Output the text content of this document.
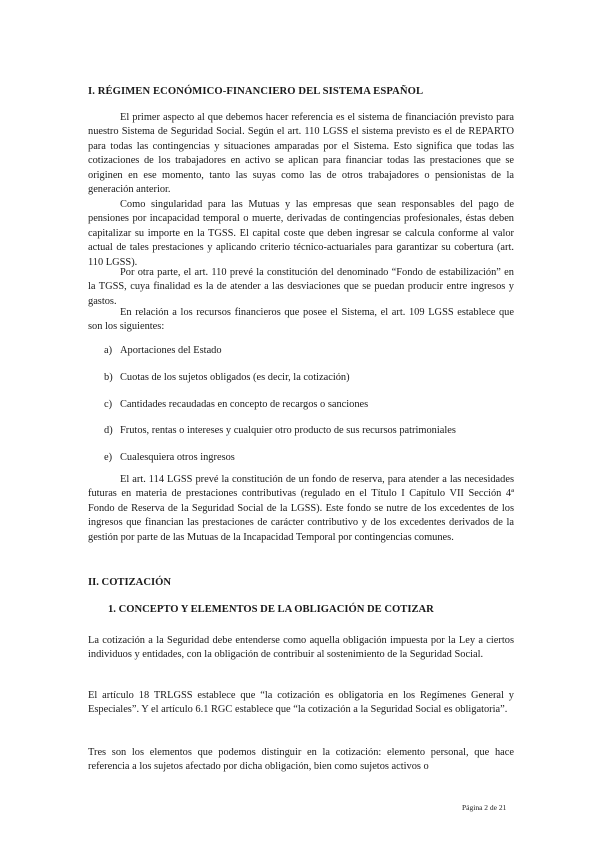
I. RÉGIMEN ECONÓMICO-FINANCIERO DEL SISTEMA ESPAÑOL

El primer aspecto al que debemos hacer referencia es el sistema de financiación previsto para nuestro Sistema de Seguridad Social. Según el art. 110 LGSS el sistema previsto es el de REPARTO para todas las contingencias y situaciones amparadas por el Sistema. Esto significa que todas las cotizaciones de los trabajadores en activo se aplican para financiar todas las prestaciones que se originen en ese momento, tanto las suyas como las de otros trabajadores o pensionistas de la generación anterior.

Como singularidad para las Mutuas y las empresas que sean responsables del pago de pensiones por incapacidad temporal o muerte, derivadas de contingencias profesionales, éstas deben capitalizar su importe en la TGSS. El capital coste que deben ingresar se calcula conforme al valor actual de tales prestaciones y aplicando criterio técnico-actuariales para garantizar su cobertura (art. 110 LGSS).

Por otra parte, el art. 110 prevé la constitución del denominado “Fondo de estabilización” en la TGSS, cuya finalidad es la de atender a las desviaciones que se puedan producir entre ingresos y gastos.

En relación a los recursos financieros que posee el Sistema, el art. 109 LGSS establece que son los siguientes:

a) Aportaciones del Estado
b) Cuotas de los sujetos obligados (es decir, la cotización)
c) Cantidades recaudadas en concepto de recargos o sanciones
d) Frutos, rentas o intereses y cualquier otro producto de sus recursos patrimoniales
e) Cualesquiera otros ingresos

El art. 114 LGSS prevé la constitución de un fondo de reserva, para atender a las necesidades futuras en materia de prestaciones contributivas (regulado en el Título I Capítulo VII Sección 4ª Fondo de Reserva de la Seguridad Social de la LGSS). Este fondo se nutre de los excedentes de los ingresos que financian las prestaciones de carácter contributivo y de los excedentes derivados de la gestión por parte de las Mutuas de la Incapacidad Temporal por contingencias comunes.

II. COTIZACIÓN
1. CONCEPTO Y ELEMENTOS DE LA OBLIGACIÓN DE COTIZAR

La cotización a la Seguridad debe entenderse como aquella obligación impuesta por la Ley a ciertos individuos y entidades, con la obligación de contribuir al sostenimiento de la Seguridad Social.

El artículo 18 TRLGSS establece que “la cotización es obligatoria en los Regímenes General y Especiales”. Y el artículo 6.1 RGC establece que “la cotización a la Seguridad Social es obligatoria”.

Tres son los elementos que podemos distinguir en la cotización: elemento personal, que hace referencia a los sujetos afectado por dicha obligación, bien como sujetos activos o

Página 2 de 21
